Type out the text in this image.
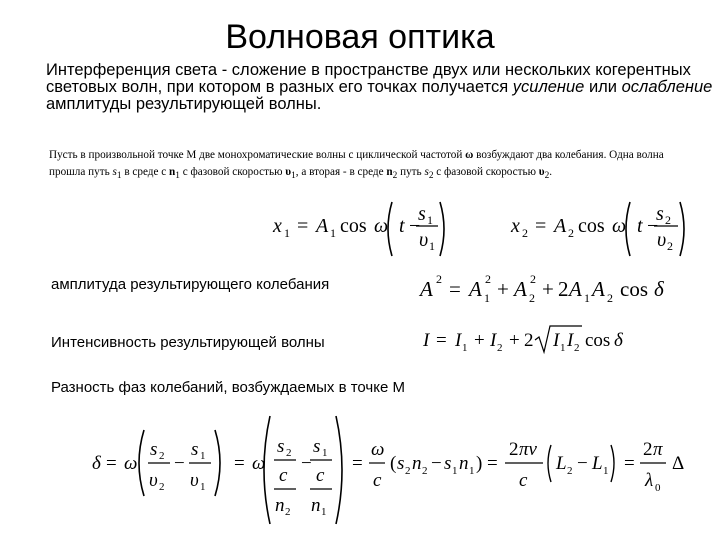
Волновая оптика
Интерференция света - сложение в пространстве двух или нескольких когерентных световых волн, при котором в разных его точках получается усиление или ослабление амплитуды результирующей волны.
Пусть в произвольной точке М две монохроматические волны с циклической частотой ω возбуждают два колебания. Одна волна прошла путь $s_1$ в среде с $n_1$ с фазовой скоростью $\upsilon_1$, а вторая - в среде $n_2$ путь $s_2$ с фазовой скоростью $\upsilon_2$.
амплитуда результирующего колебания
Интенсивность результирующей волны
Разность фаз колебаний, возбуждаемых в точке М
x 1 = A 1 cos ω t −
s 1
υ 1
x 2 = A 2 cos ω t −
s 2
υ 2
A 2 = A 2
1 + A 2
2 + 2 A 1 A 2 cos δ
I = I 1 + I 2 + 2 I 1 I 2 cos δ
δ = ω
s 2
υ 2
−
s 1
υ 1
= ω
s 2
c
n 2
−
s 1
c
n 1
=
ω
c
( s 2 n 2 − s 1 n 1 ) =
2 πν
c
L 2 − L 1 =
2 π
λ 0
Δ
